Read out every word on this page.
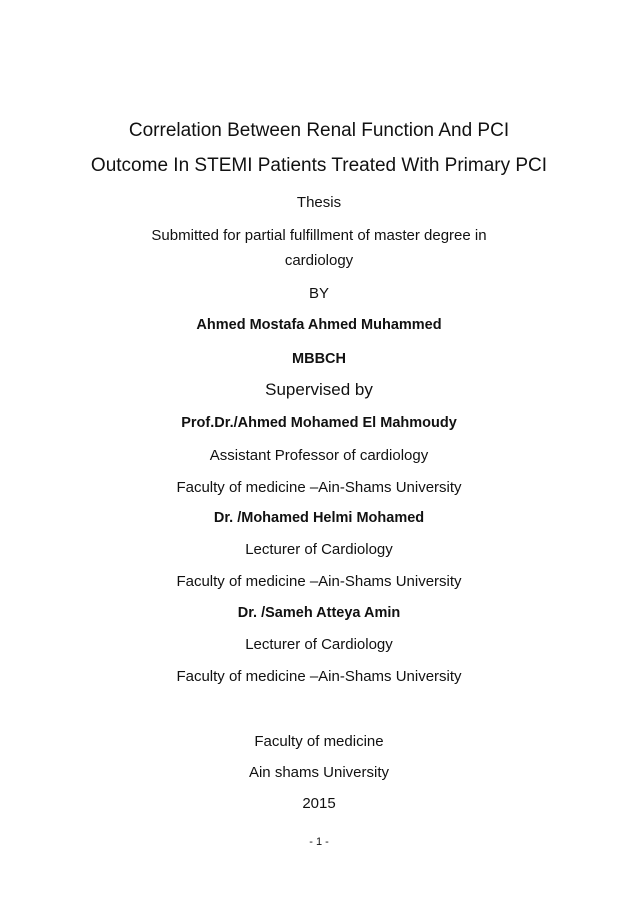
Correlation Between Renal Function And PCI
Outcome In STEMI Patients Treated With Primary PCI
Thesis
Submitted for partial fulfillment of master degree in
cardiology
BY
Ahmed Mostafa Ahmed Muhammed
MBBCH
Supervised by
Prof.Dr./Ahmed Mohamed El Mahmoudy
Assistant Professor of cardiology
Faculty of medicine –Ain-Shams University
Dr. /Mohamed Helmi Mohamed
Lecturer of Cardiology
Faculty of medicine –Ain-Shams University
Dr. /Sameh Atteya Amin
Lecturer of Cardiology
Faculty of medicine –Ain-Shams University
Faculty of medicine
Ain shams University
2015
- 1 -
